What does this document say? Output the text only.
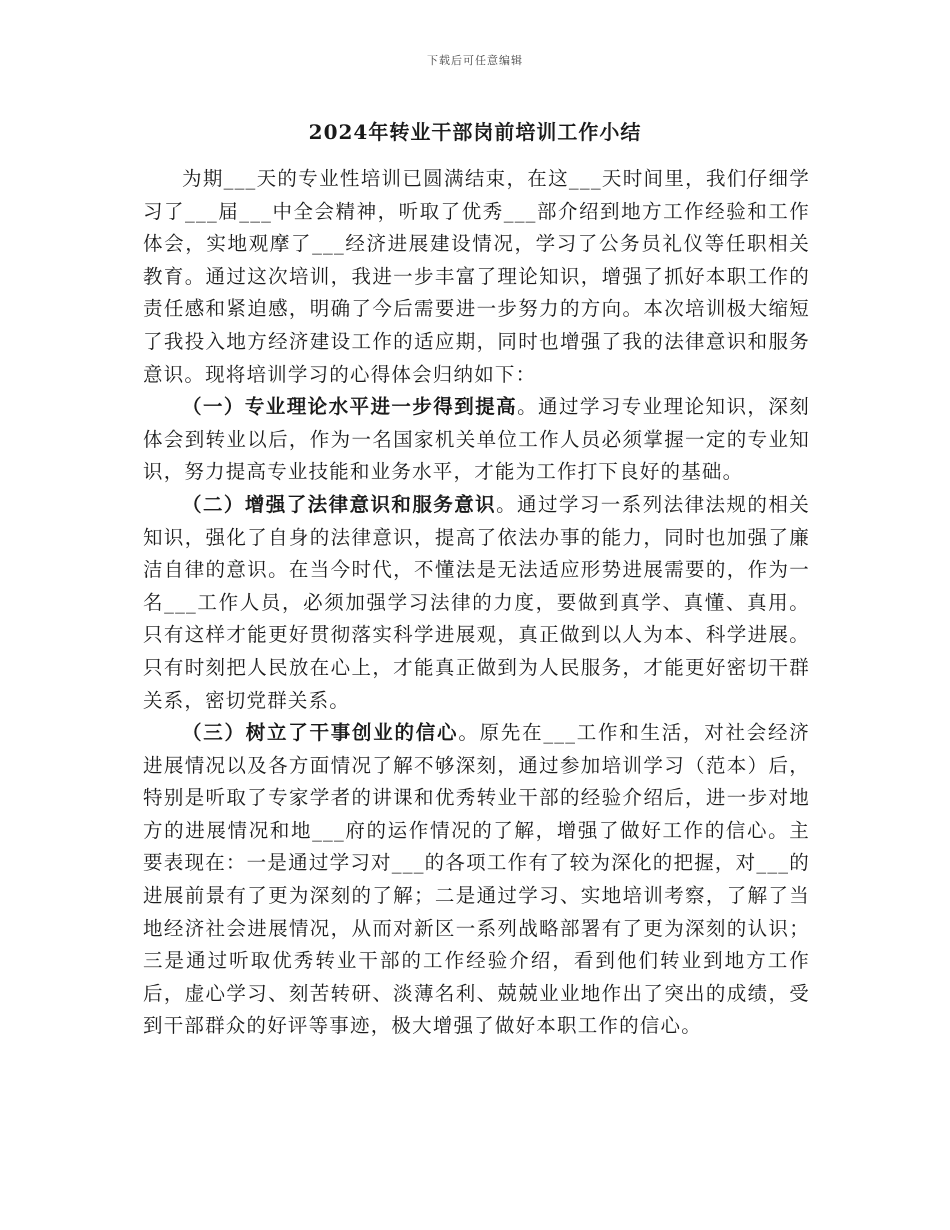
下载后可任意编辑
2024年转业干部岗前培训工作小结

为期___天的专业性培训已圆满结束，在这___天时间里，我们仔细学习了___届___中全会精神，听取了优秀___部介绍到地方工作经验和工作体会，实地观摩了___经济进展建设情况，学习了公务员礼仪等任职相关教育。通过这次培训，我进一步丰富了理论知识，增强了抓好本职工作的责任感和紧迫感，明确了今后需要进一步努力的方向。本次培训极大缩短了我投入地方经济建设工作的适应期，同时也增强了我的法律意识和服务意识。现将培训学习的心得体会归纳如下：

（一）专业理论水平进一步得到提高。通过学习专业理论知识，深刻体会到转业以后，作为一名国家机关单位工作人员必须掌握一定的专业知识，努力提高专业技能和业务水平，才能为工作打下良好的基础。

（二）增强了法律意识和服务意识。通过学习一系列法律法规的相关知识，强化了自身的法律意识，提高了依法办事的能力，同时也加强了廉洁自律的意识。在当今时代，不懂法是无法适应形势进展需要的，作为一名___工作人员，必须加强学习法律的力度，要做到真学、真懂、真用。只有这样才能更好贯彻落实科学进展观，真正做到以人为本、科学进展。只有时刻把人民放在心上，才能真正做到为人民服务，才能更好密切干群关系，密切党群关系。

（三）树立了干事创业的信心。原先在___工作和生活，对社会经济进展情况以及各方面情况了解不够深刻，通过参加培训学习（范本）后，特别是听取了专家学者的讲课和优秀转业干部的经验介绍后，进一步对地方的进展情况和地___府的运作情况的了解，增强了做好工作的信心。主要表现在：一是通过学习对___的各项工作有了较为深化的把握，对___的进展前景有了更为深刻的了解；二是通过学习、实地培训考察，了解了当地经济社会进展情况，从而对新区一系列战略部署有了更为深刻的认识；三是通过听取优秀转业干部的工作经验介绍，看到他们转业到地方工作后，虚心学习、刻苦转研、淡薄名利、兢兢业业地作出了突出的成绩，受到干部群众的好评等事迹，极大增强了做好本职工作的信心。
